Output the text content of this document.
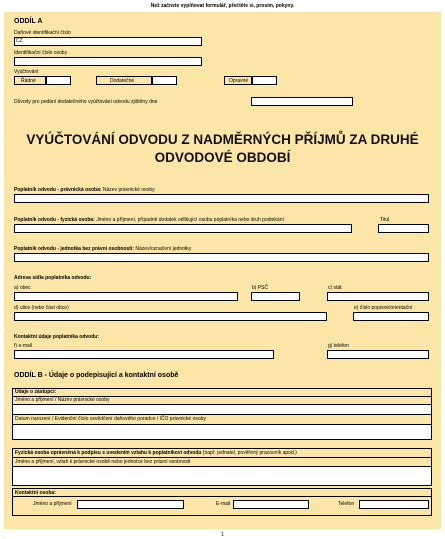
Než začnete vyplňovat formulář, přečtěte si, prosím, pokyny.
ODDÍL A
Daňové identifikační číslo
CZ
Identifikační číslo osoby
Vyúčtování
Řádné	Dodatečné	Opravné
Důvody pro podání dodatečného vyúčtování odvodu zjištěny dne
VYÚČTOVÁNÍ ODVODU Z NADMĚRNÝCH PŘÍJMŮ ZA DRUHÉ
ODVODOVÉ OBDOBÍ
Poplatník odvodu - právnická osoba: Název právnické osoby
Poplatník odvodu - fyzická osoba: Jméno a příjmení, případně dodatek odlišující osobu poplatníka nebo druh podnikání	Titul
Poplatník odvodu - jednotka bez právní osobnosti: Název/označení jednotky
Adresa sídla poplatníka odvodu:
a) obec	b) PSČ	c) stát
d) ulice (nebo část obce)	e) číslo popisné/orientační
Kontaktní údaje poplatníka odvodu:
f) e-mail	g) telefon
ODDÍL B - Údaje o podepisující a kontaktní osobě
Údaje o zástupci:
Jméno a příjmení / Název právnické osoby
Datum narození / Evidenční číslo osvědčení daňového poradce / IČO právnické osoby
Fyzická osoba oprávněná k podpisu s uvedením vztahu k poplatníkovi odvodu (např. jednatel, pověřený pracovník apod.)
Jméno a příjmení, vztah k právnické osobě nebo jednotce bez právní osobnosti
Kontaktní osoba:
Jméno a příjmení	E-mail	Telefon
1
